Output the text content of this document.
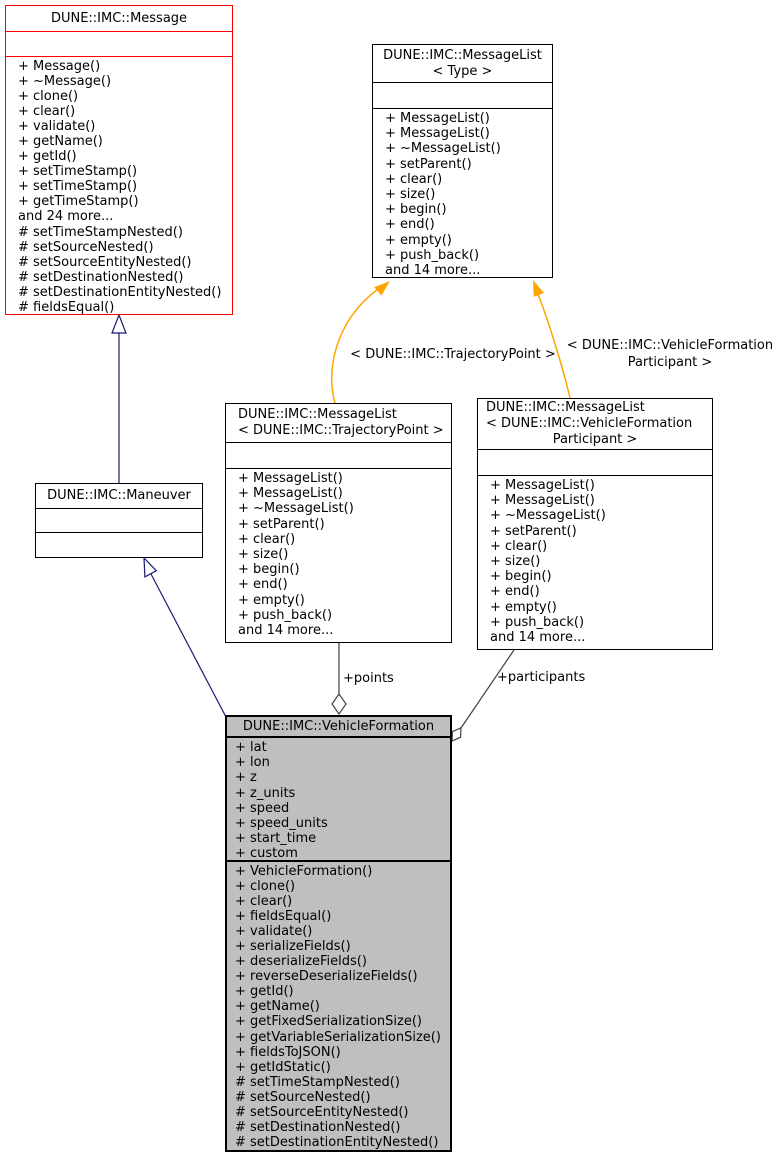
DUNE::IMC::Message
+ Message()
+ ~Message()
+ clone()
+ clear()
+ validate()
+ getName()
+ getId()
+ setTimeStamp()
+ setTimeStamp()
+ getTimeStamp()
and 24 more...
# setTimeStampNested()
# setSourceNested()
# setSourceEntityNested()
# setDestinationNested()
# setDestinationEntityNested()
# fieldsEqual()
DUNE::IMC::MessageList
< Type >
+ MessageList()
+ MessageList()
+ ~MessageList()
+ setParent()
+ clear()
+ size()
+ begin()
+ end()
+ empty()
+ push_back()
and 14 more...
DUNE::IMC::Maneuver
DUNE::IMC::MessageList
< DUNE::IMC::TrajectoryPoint >
+ MessageList()
+ MessageList()
+ ~MessageList()
+ setParent()
+ clear()
+ size()
+ begin()
+ end()
+ empty()
+ push_back()
and 14 more...
DUNE::IMC::MessageList
< DUNE::IMC::VehicleFormation
Participant >
+ MessageList()
+ MessageList()
+ ~MessageList()
+ setParent()
+ clear()
+ size()
+ begin()
+ end()
+ empty()
+ push_back()
and 14 more...
DUNE::IMC::VehicleFormation
+ lat
+ lon
+ z
+ z_units
+ speed
+ speed_units
+ start_time
+ custom
+ VehicleFormation()
+ clone()
+ clear()
+ fieldsEqual()
+ validate()
+ serializeFields()
+ deserializeFields()
+ reverseDeserializeFields()
+ getId()
+ getName()
+ getFixedSerializationSize()
+ getVariableSerializationSize()
+ fieldsToJSON()
+ getIdStatic()
# setTimeStampNested()
# setSourceNested()
# setSourceEntityNested()
# setDestinationNested()
# setDestinationEntityNested()
< DUNE::IMC::TrajectoryPoint >
< DUNE::IMC::VehicleFormation
Participant >
+points	+participants
